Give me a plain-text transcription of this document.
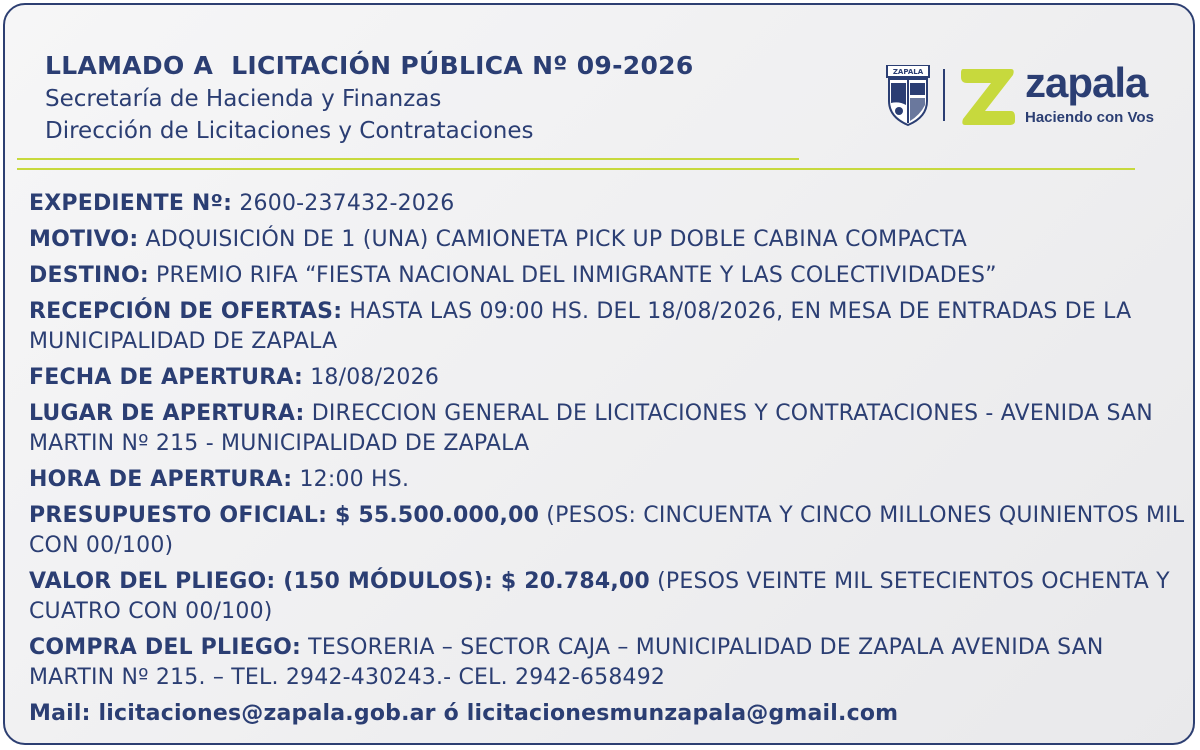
LLAMADO A  LICITACIÓN PÚBLICA Nº 09-2026
Secretaría de Hacienda y Finanzas
Dirección de Licitaciones y Contrataciones
ZAPALA zapala
Haciendo con Vos
EXPEDIENTE Nº: 2600-237432-2026
MOTIVO: ADQUISICIÓN DE 1 (UNA) CAMIONETA PICK UP DOBLE CABINA COMPACTA
DESTINO: PREMIO RIFA “FIESTA NACIONAL DEL INMIGRANTE Y LAS COLECTIVIDADES”
RECEPCIÓN DE OFERTAS: HASTA LAS 09:00 HS. DEL 18/08/2026, EN MESA DE ENTRADAS DE LA MUNICIPALIDAD DE ZAPALA
FECHA DE APERTURA: 18/08/2026
LUGAR DE APERTURA: DIRECCION GENERAL DE LICITACIONES Y CONTRATACIONES - AVENIDA SAN MARTIN Nº 215 - MUNICIPALIDAD DE ZAPALA
HORA DE APERTURA: 12:00 HS.
PRESUPUESTO OFICIAL: $ 55.500.000,00 (PESOS: CINCUENTA Y CINCO MILLONES QUINIENTOS MIL CON 00/100)
VALOR DEL PLIEGO: (150 MÓDULOS): $ 20.784,00 (PESOS VEINTE MIL SETECIENTOS OCHENTA Y CUATRO CON 00/100)
COMPRA DEL PLIEGO: TESORERIA – SECTOR CAJA – MUNICIPALIDAD DE ZAPALA AVENIDA SAN MARTIN Nº 215. – TEL. 2942-430243.- CEL. 2942-658492
Mail: licitaciones@zapala.gob.ar ó licitacionesmunzapala@gmail.com
